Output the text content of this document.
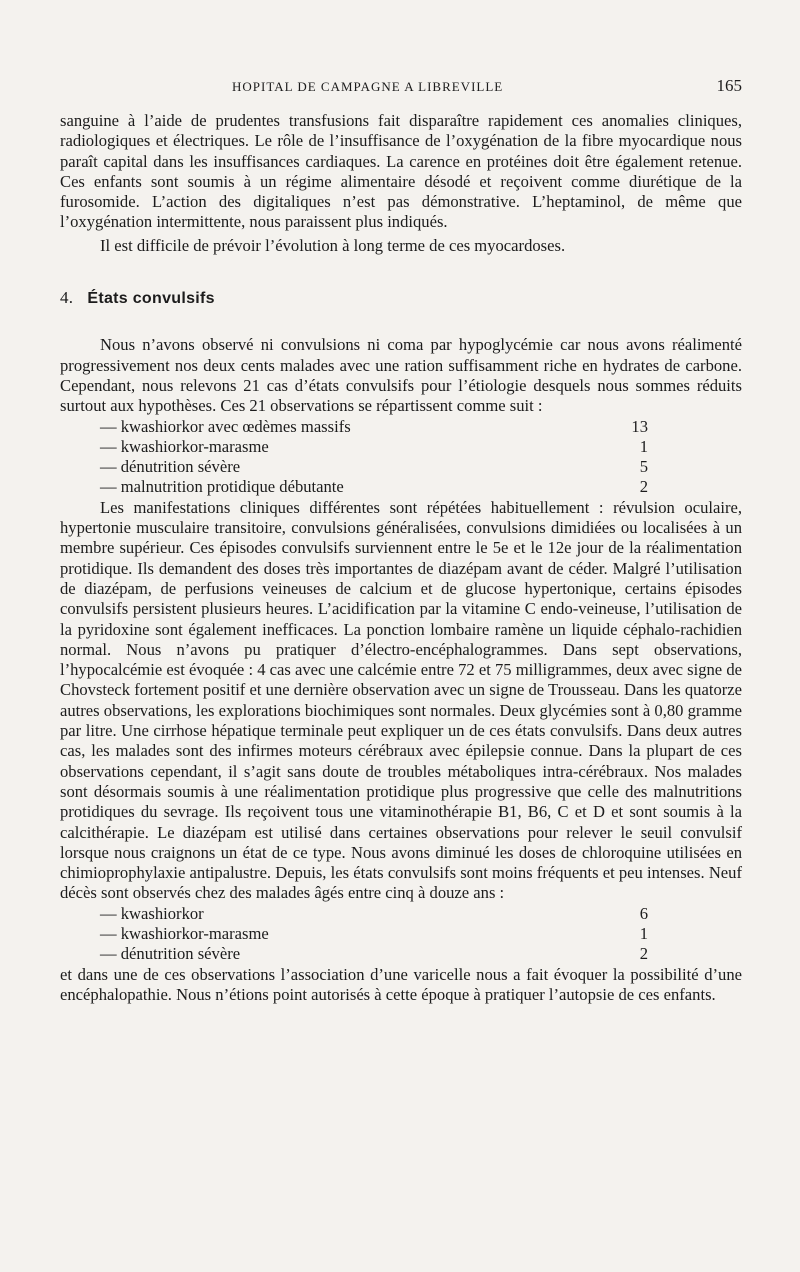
HOPITAL DE CAMPAGNE A LIBREVILLE	165

sanguine à l’aide de prudentes transfusions fait disparaître rapidement ces anomalies cliniques, radiologiques et électriques. Le rôle de l’insuffisance de l’oxygénation de la fibre myocardique nous paraît capital dans les insuffisances cardiaques. La carence en protéines doit être également retenue. Ces enfants sont soumis à un régime alimentaire désodé et reçoivent comme diurétique de la furosomide. L’action des digitaliques n’est pas démonstrative. L’heptaminol, de même que l’oxygénation intermittente, nous paraissent plus indiqués.

Il est difficile de prévoir l’évolution à long terme de ces myocardoses.

4. États convulsifs

Nous n’avons observé ni convulsions ni coma par hypoglycémie car nous avons réalimenté progressivement nos deux cents malades avec une ration suffisamment riche en hydrates de carbone. Cependant, nous relevons 21 cas d’états convulsifs pour l’étiologie desquels nous sommes réduits surtout aux hypothèses. Ces 21 observations se répartissent comme suit :

— kwashiorkor avec œdèmes massifs	13
— kwashiorkor-marasme	1
— dénutrition sévère	5
— malnutrition protidique débutante	2

Les manifestations cliniques différentes sont répétées habituellement : révulsion oculaire, hypertonie musculaire transitoire, convulsions généralisées, convulsions dimidiées ou localisées à un membre supérieur. Ces épisodes convulsifs surviennent entre le 5e et le 12e jour de la réalimentation protidique. Ils demandent des doses très importantes de diazépam avant de céder. Malgré l’utilisation de diazépam, de perfusions veineuses de calcium et de glucose hypertonique, certains épisodes convulsifs persistent plusieurs heures. L’acidification par la vitamine C endo-veineuse, l’utilisation de la pyridoxine sont également inefficaces. La ponction lombaire ramène un liquide céphalo-rachidien normal. Nous n’avons pu pratiquer d’électro-encéphalogrammes. Dans sept observations, l’hypocalcémie est évoquée : 4 cas avec une calcémie entre 72 et 75 milligrammes, deux avec signe de Chovsteck fortement positif et une dernière observation avec un signe de Trousseau. Dans les quatorze autres observations, les explorations biochimiques sont normales. Deux glycémies sont à 0,80 gramme par litre. Une cirrhose hépatique terminale peut expliquer un de ces états convulsifs. Dans deux autres cas, les malades sont des infirmes moteurs cérébraux avec épilepsie connue. Dans la plupart de ces observations cependant, il s’agit sans doute de troubles métaboliques intra-cérébraux. Nos malades sont désormais soumis à une réalimentation protidique plus progressive que celle des malnutritions protidiques du sevrage. Ils reçoivent tous une vitaminothérapie B1, B6, C et D et sont soumis à la calcithérapie. Le diazépam est utilisé dans certaines observations pour relever le seuil convulsif lorsque nous craignons un état de ce type. Nous avons diminué les doses de chloroquine utilisées en chimioprophylaxie antipalustre. Depuis, les états convulsifs sont moins fréquents et peu intenses. Neuf décès sont observés chez des malades âgés entre cinq à douze ans :

— kwashiorkor	6
— kwashiorkor-marasme	1
— dénutrition sévère	2

et dans une de ces observations l’association d’une varicelle nous a fait évoquer la possibilité d’une encéphalopathie. Nous n’étions point autorisés à cette époque à pratiquer l’autopsie de ces enfants.
